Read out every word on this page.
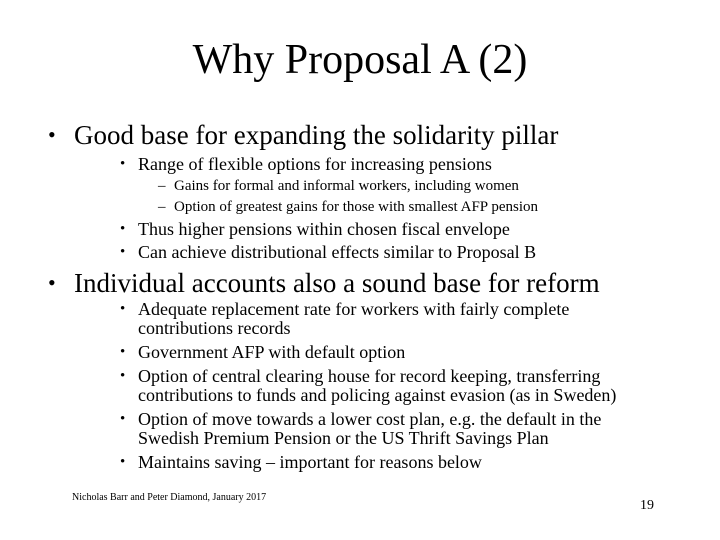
Why Proposal A (2)
• Good base for expanding the solidarity pillar
• Range of flexible options for increasing pensions
– Gains for formal and informal workers, including women
– Option of greatest gains for those with smallest AFP pension
• Thus higher pensions within chosen fiscal envelope
• Can achieve distributional effects similar to Proposal B
• Individual accounts also a sound base for reform
• Adequate replacement rate for workers with fairly complete
contributions records
• Government AFP with default option
• Option of central clearing house for record keeping, transferring
contributions to funds and policing against evasion (as in Sweden)
• Option of move towards a lower cost plan, e.g. the default in the
Swedish Premium Pension or the US Thrift Savings Plan
• Maintains saving – important for reasons below
Nicholas Barr and Peter Diamond, January 2017
19
